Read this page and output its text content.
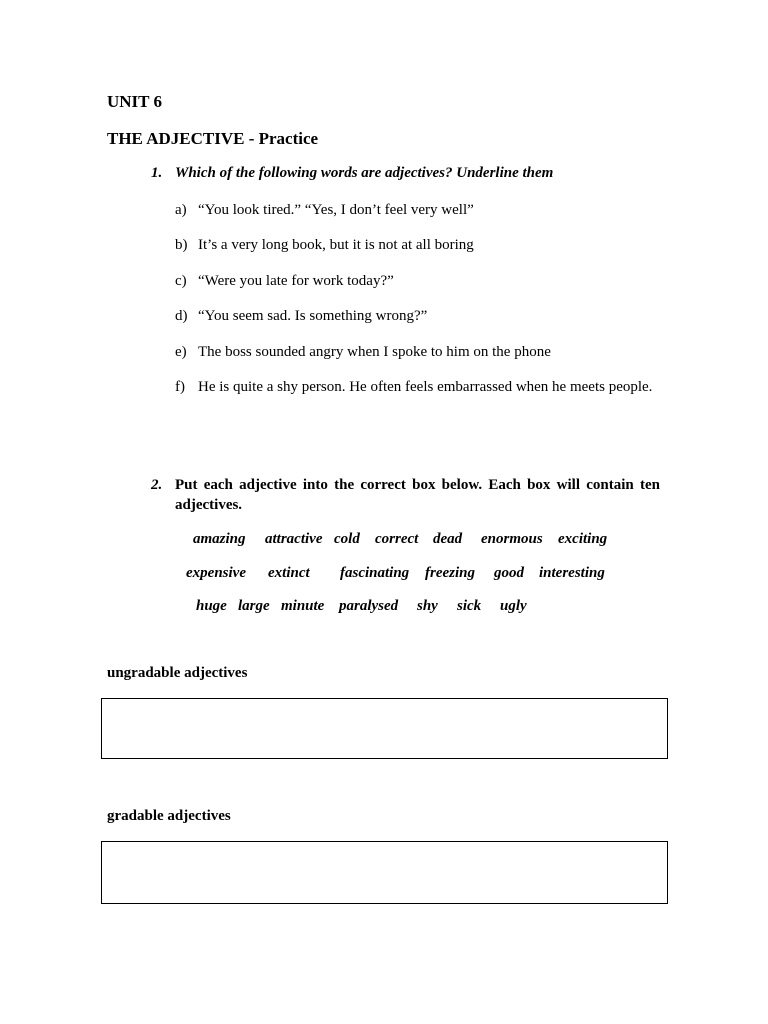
UNIT 6
THE ADJECTIVE - Practice
1. Which of the following words are adjectives? Underline them
a) “You look tired.” “Yes, I don’t feel very well”
b) It’s a very long book, but it is not at all boring
c) “Were you late for work today?”
d) “You seem sad. Is something wrong?”
e) The boss sounded angry when I spoke to him on the phone
f) He is quite a shy person. He often feels embarrassed when he meets people.
2. Put each adjective into the correct box below. Each box will contain ten
adjectives.
amazing attractive cold correct dead enormous exciting
expensive extinct fascinating freezing good interesting
huge large minute paralysed shy sick ugly
ungradable adjectives
gradable adjectives
